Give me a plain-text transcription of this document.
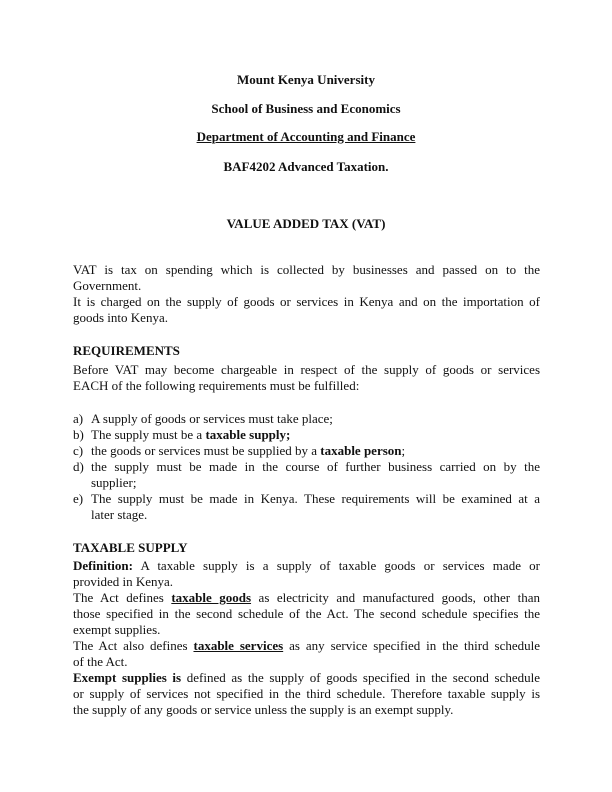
Mount Kenya University
School of Business and Economics
Department of Accounting and Finance
BAF4202 Advanced Taxation.
VALUE ADDED TAX (VAT)
VAT is tax on spending which is collected by businesses and passed on to the
Government.
It is charged on the supply of goods or services in Kenya and on the importation of
goods into Kenya.
Before VAT may become chargeable in respect of the supply of goods or services
EACH of the following requirements must be fulfilled:
a) A supply of goods or services must take place;
b) The supply must be a taxable supply;
c) the goods or services must be supplied by a taxable person;
d) the supply must be made in the course of further business carried on by the
supplier;
e) The supply must be made in Kenya. These requirements will be examined at a
later stage.
Definition: A taxable supply is a supply of taxable goods or services made or
provided in Kenya.
The Act defines taxable goods as electricity and manufactured goods, other than
those specified in the second schedule of the Act. The second schedule specifies the
exempt supplies.
The Act also defines taxable services as any service specified in the third schedule
of the Act.
Exempt supplies is defined as the supply of goods specified in the second schedule
or supply of services not specified in the third schedule. Therefore taxable supply is
the supply of any goods or service unless the supply is an exempt supply.
REQUIREMENTS
TAXABLE SUPPLY
